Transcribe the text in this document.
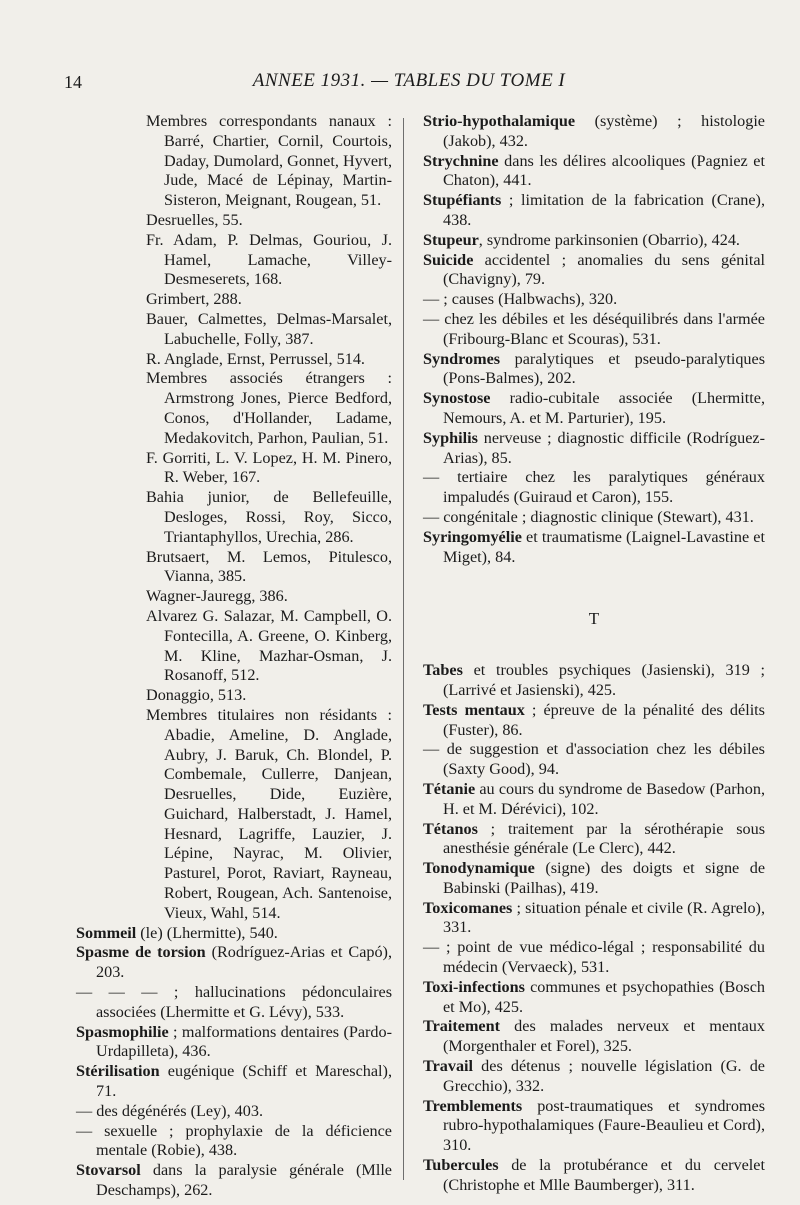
14	ANNEE 1931. — TABLES DU TOME I
Membres correspondants nanaux : Barré, Chartier, Cornil, Courtois, Daday, Dumolard, Gonnet, Hyvert, Jude, Macé de Lépinay, Martin-Sisteron, Meignant, Rougean, 51.
Desruelles, 55.
Fr. Adam, P. Delmas, Gouriou, J. Hamel, Lamache, Villey-Desmeserets, 168.
Grimbert, 288.
Bauer, Calmettes, Delmas-Marsalet, Labuchelle, Folly, 387.
R. Anglade, Ernst, Perrussel, 514.
Membres associés étrangers : Armstrong Jones, Pierce Bedford, Conos, d'Hollander, Ladame, Medakovitch, Parhon, Paulian, 51.
F. Gorriti, L. V. Lopez, H. M. Pinero, R. Weber, 167.
Bahia junior, de Bellefeuille, Desloges, Rossi, Roy, Sicco, Triantaphyllos, Urechia, 286.
Brutsaert, M. Lemos, Pitulesco, Vianna, 385.
Wagner-Jauregg, 386.
Alvarez G. Salazar, M. Campbell, O. Fontecilla, A. Greene, O. Kinberg, M. Kline, Mazhar-Osman, J. Rosanoff, 512.
Donaggio, 513.
Membres titulaires non résidants : Abadie, Ameline, D. Anglade, Aubry, J. Baruk, Ch. Blondel, P. Combemale, Cullerre, Danjean, Desruelles, Dide, Euzière, Guichard, Halberstadt, J. Hamel, Hesnard, Lagriffe, Lauzier, J. Lépine, Nayrac, M. Olivier, Pasturel, Porot, Raviart, Rayneau, Robert, Rougean, Ach. Santenoise, Vieux, Wahl, 514.
Sommeil (le) (Lhermitte), 540.
Spasme de torsion (Rodríguez-Arias et Capó), 203.
— — — ; hallucinations pédonculaires associées (Lhermitte et G. Lévy), 533.
Spasmophilie ; malformations dentaires (Pardo-Urdapilleta), 436.
Stérilisation eugénique (Schiff et Mareschal), 71.
— des dégénérés (Ley), 403.
— sexuelle ; prophylaxie de la déficience mentale (Robie), 438.
Stovarsol dans la paralysie générale (Mlle Deschamps), 262.
Strio-hypothalamique (système) ; histologie (Jakob), 432.
Strychnine dans les délires alcooliques (Pagniez et Chaton), 441.
Stupéfiants ; limitation de la fabrication (Crane), 438.
Stupeur, syndrome parkinsonien (Obarrio), 424.
Suicide accidentel ; anomalies du sens génital (Chavigny), 79.
— ; causes (Halbwachs), 320.
— chez les débiles et les déséquilibrés dans l'armée (Fribourg-Blanc et Scouras), 531.
Syndromes paralytiques et pseudo-paralytiques (Pons-Balmes), 202.
Synostose radio-cubitale associée (Lhermitte, Nemours, A. et M. Parturier), 195.
Syphilis nerveuse ; diagnostic difficile (Rodríguez-Arias), 85.
— tertiaire chez les paralytiques généraux impaludés (Guiraud et Caron), 155.
— congénitale ; diagnostic clinique (Stewart), 431.
Syringomyélie et traumatisme (Laignel-Lavastine et Miget), 84.
T
Tabes et troubles psychiques (Jasienski), 319 ; (Larrivé et Jasienski), 425.
Tests mentaux ; épreuve de la pénalité des délits (Fuster), 86.
— de suggestion et d'association chez les débiles (Saxty Good), 94.
Tétanie au cours du syndrome de Basedow (Parhon, H. et M. Dérévici), 102.
Tétanos ; traitement par la sérothérapie sous anesthésie générale (Le Clerc), 442.
Tonodynamique (signe) des doigts et signe de Babinski (Pailhas), 419.
Toxicomanes ; situation pénale et civile (R. Agrelo), 331.
— ; point de vue médico-légal ; responsabilité du médecin (Vervaeck), 531.
Toxi-infections communes et psychopathies (Bosch et Mo), 425.
Traitement des malades nerveux et mentaux (Morgenthaler et Forel), 325.
Travail des détenus ; nouvelle législation (G. de Grecchio), 332.
Tremblements post-traumatiques et syndromes rubro-hypothalamiques (Faure-Beaulieu et Cord), 310.
Tubercules de la protubérance et du cervelet (Christophe et Mlle Baumberger), 311.
